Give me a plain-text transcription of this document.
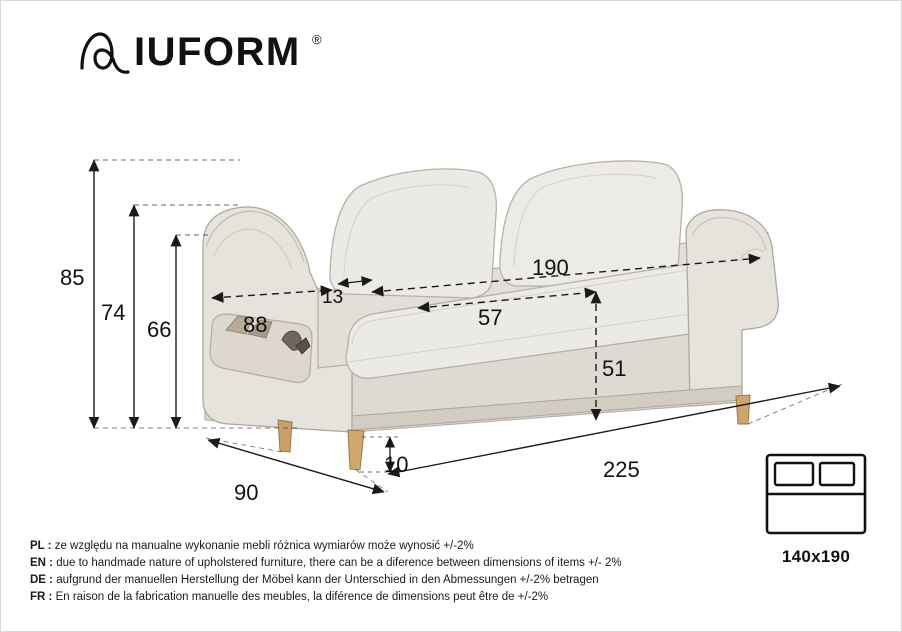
IUFORM ®
85
74
66	88
13
190
57
51
10	225
90
140x190
PL : ze względu na manualne wykonanie mebli różnica wymiarów może wynosić +/-2%
EN : due to handmade nature of upholstered furniture, there can be a diference between dimensions of items +/- 2%
DE : aufgrund der manuellen Herstellung der Möbel kann der Unterschied in den Abmessungen +/-2% betragen
FR : En raison de la fabrication manuelle des meubles, la diférence de dimensions peut être de +/-2%
